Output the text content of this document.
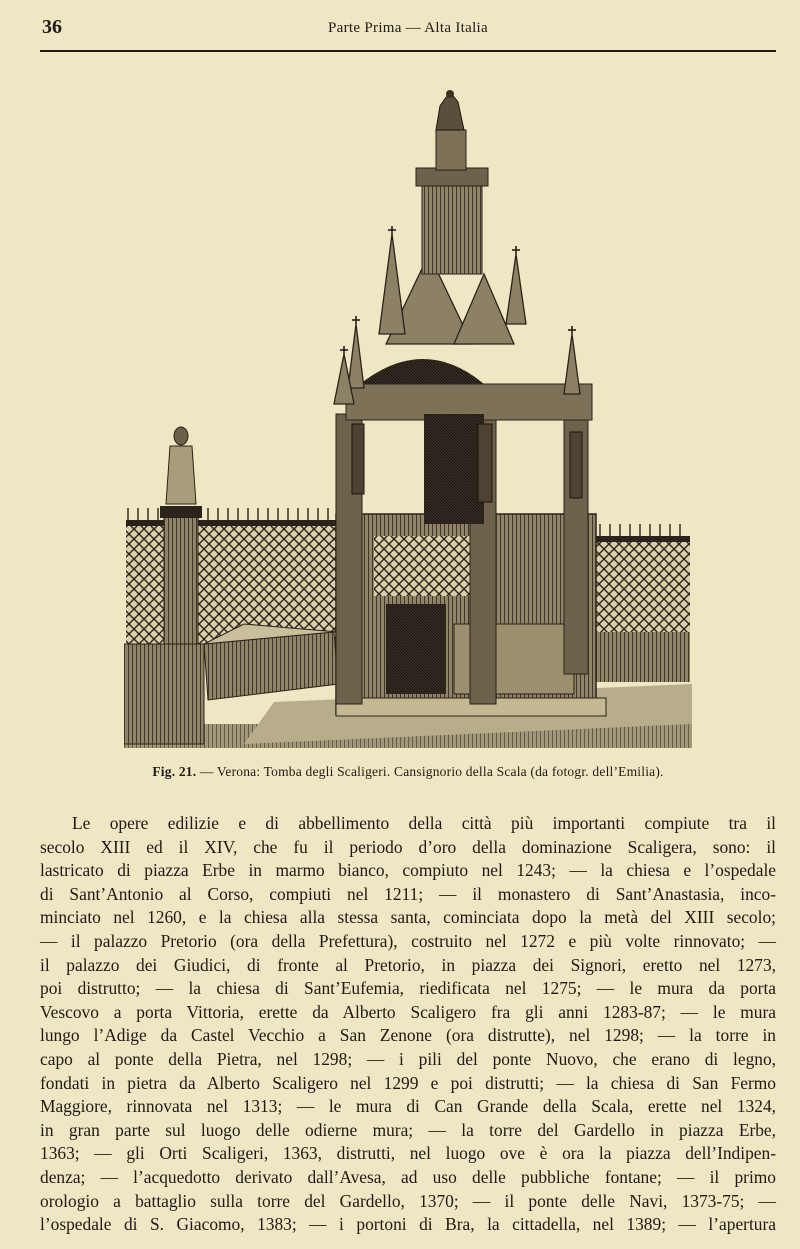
36	Parte Prima — Alta Italia
Fig. 21. — Verona: Tomba degli Scaligeri. Cansignorio della Scala (da fotogr. dell’Emilia).
Le opere edilizie e di abbellimento della città più importanti compiute tra il
secolo XIII ed il XIV, che fu il periodo d’oro della dominazione Scaligera, sono: il
lastricato di piazza Erbe in marmo bianco, compiuto nel 1243; — la chiesa e l’ospedale
di Sant’Antonio al Corso, compiuti nel 1211; — il monastero di Sant’Anastasia, inco-
minciato nel 1260, e la chiesa alla stessa santa, cominciata dopo la metà del XIII secolo;
— il palazzo Pretorio (ora della Prefettura), costruito nel 1272 e più volte rinnovato; —
il palazzo dei Giudici, di fronte al Pretorio, in piazza dei Signori, eretto nel 1273,
poi distrutto; — la chiesa di Sant’Eufemia, riedificata nel 1275; — le mura da porta
Vescovo a porta Vittoria, erette da Alberto Scaligero fra gli anni 1283-87; — le mura
lungo l’Adige da Castel Vecchio a San Zenone (ora distrutte), nel 1298; — la torre in
capo al ponte della Pietra, nel 1298; — i pili del ponte Nuovo, che erano di legno,
fondati in pietra da Alberto Scaligero nel 1299 e poi distrutti; — la chiesa di San Fermo
Maggiore, rinnovata nel 1313; — le mura di Can Grande della Scala, erette nel 1324,
in gran parte sul luogo delle odierne mura; — la torre del Gardello in piazza Erbe,
1363; — gli Orti Scaligeri, 1363, distrutti, nel luogo ove è ora la piazza dell’Indipen-
denza; — l’acquedotto derivato dall’Avesa, ad uso delle pubbliche fontane; — il primo
orologio a battaglio sulla torre del Gardello, 1370; — il ponte delle Navi, 1373-75; —
l’ospedale di S. Giacomo, 1383; — i portoni di Bra, la cittadella, nel 1389; — l’apertura
